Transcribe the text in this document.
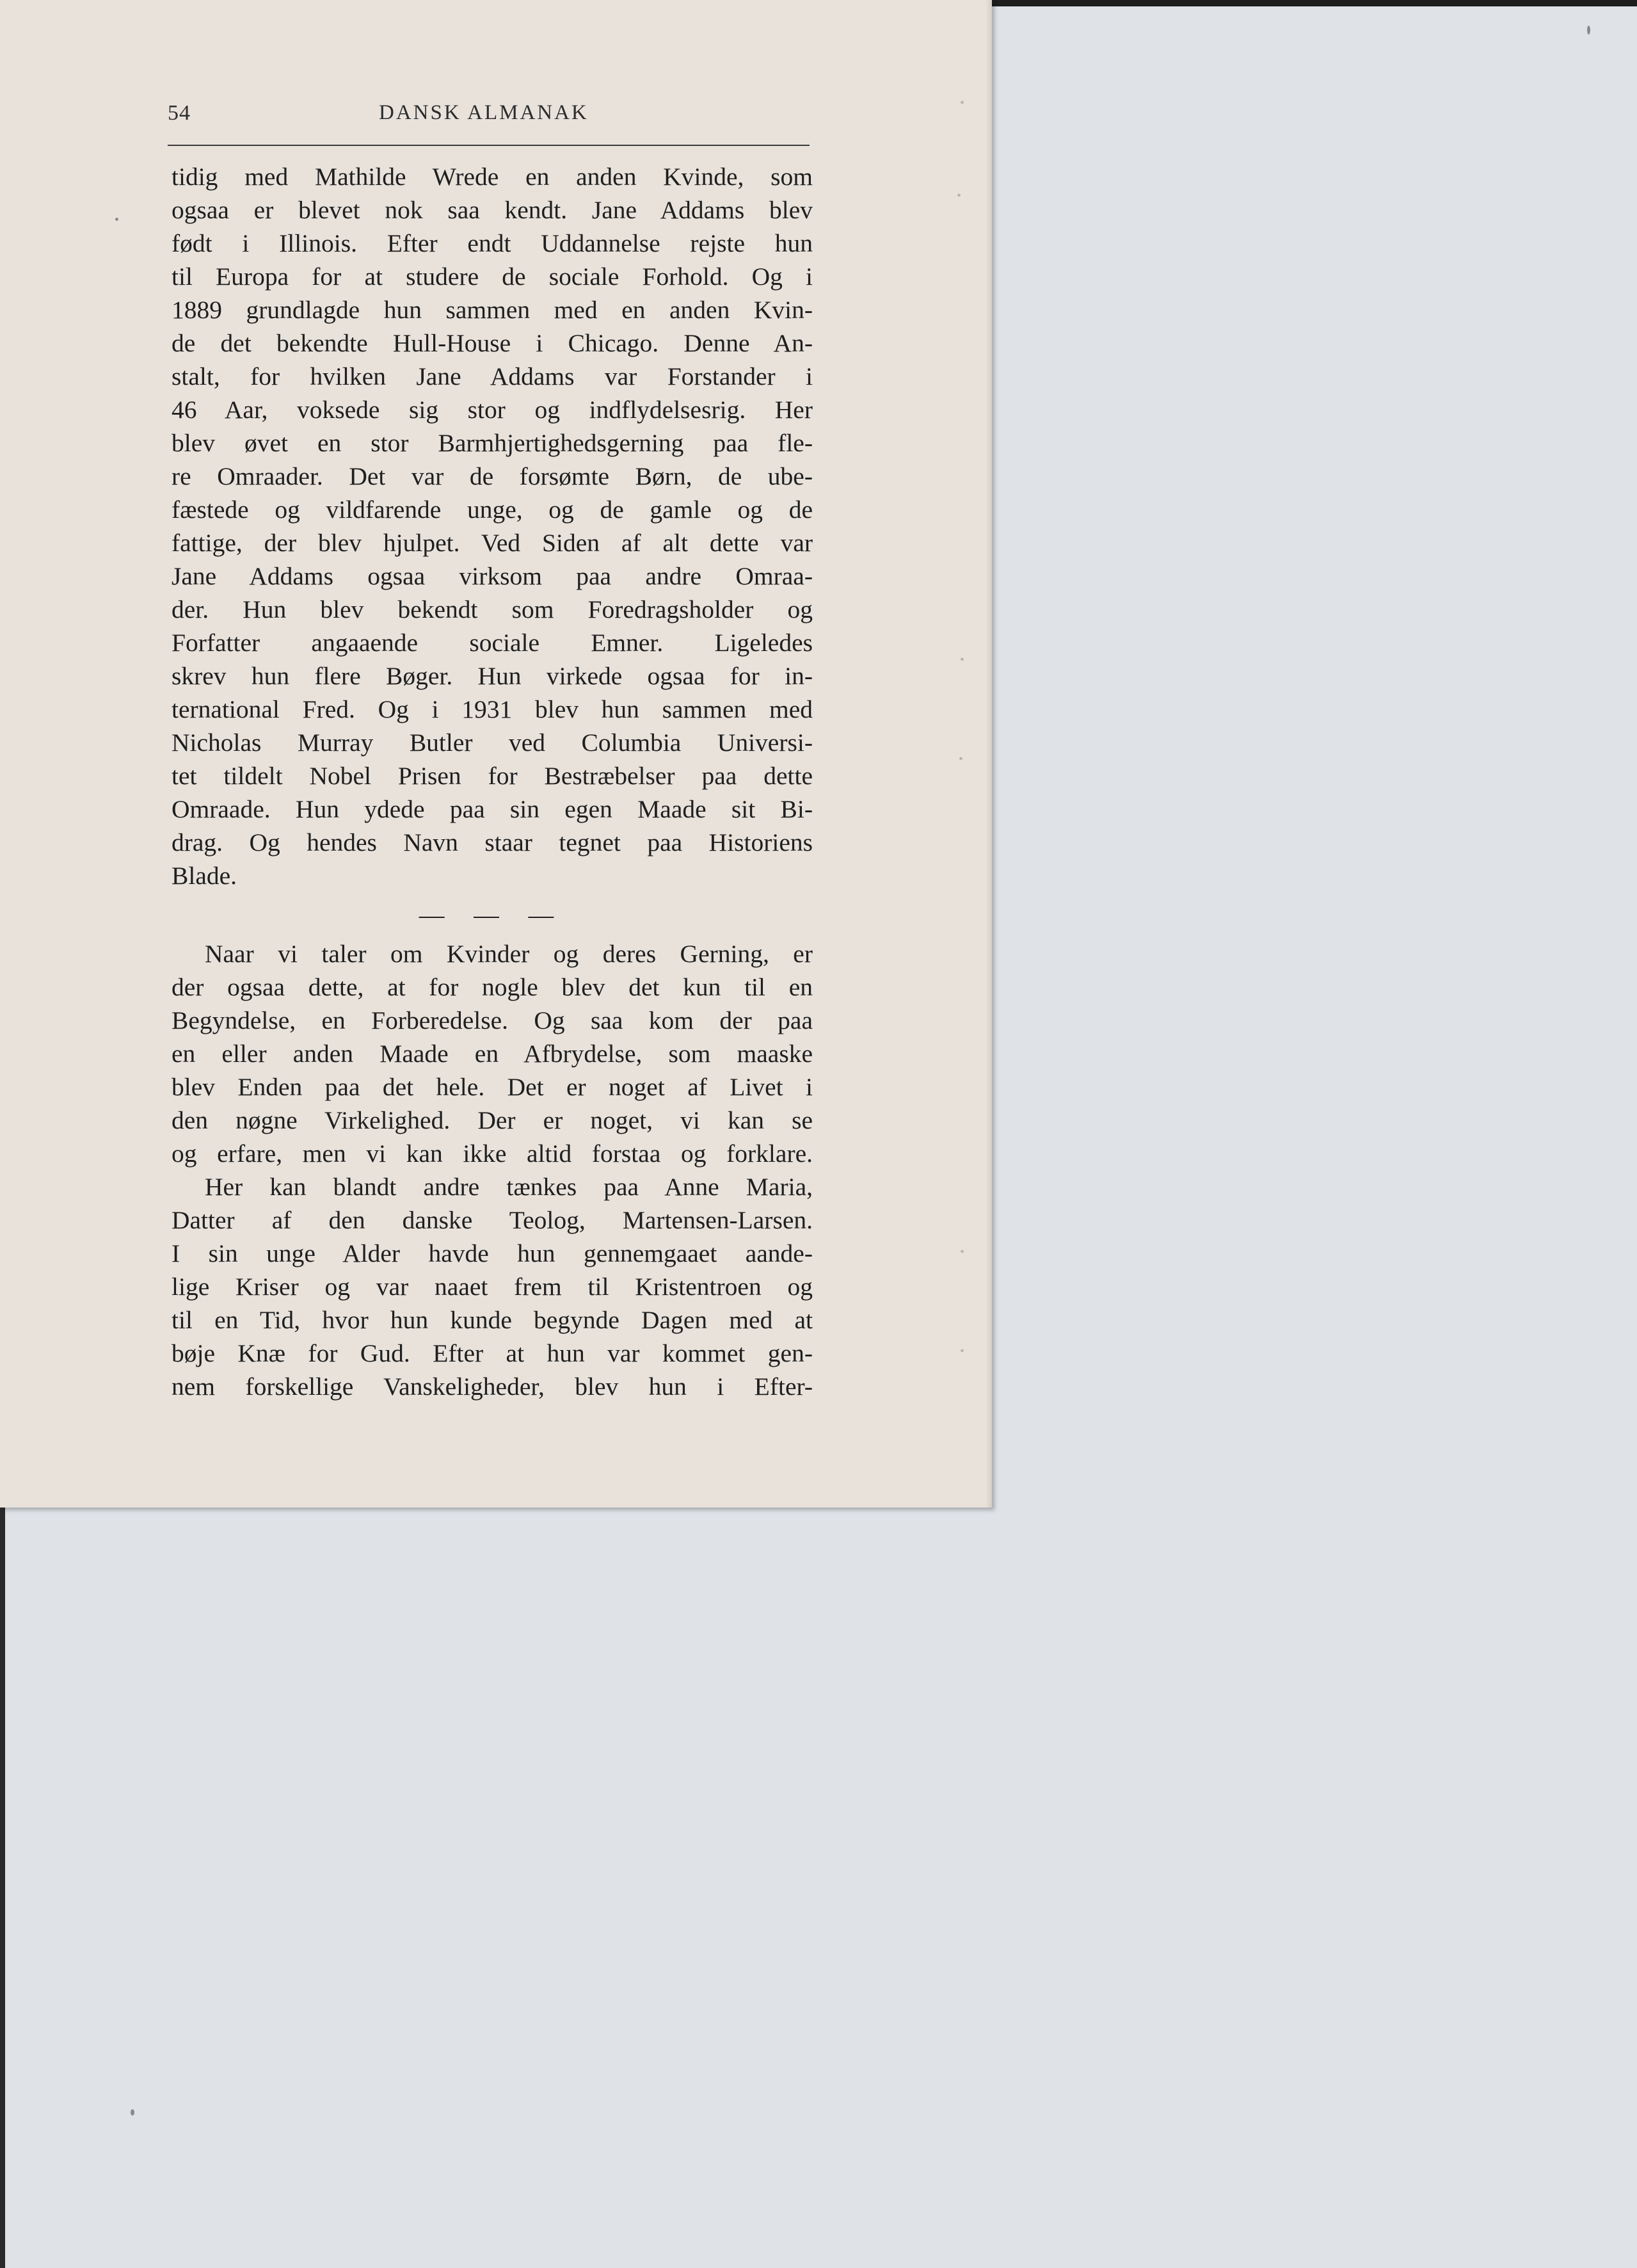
54	DANSK ALMANAK
tidig med Mathilde Wrede en anden Kvinde, som
ogsaa er blevet nok saa kendt. Jane Addams blev
født i Illinois. Efter endt Uddannelse rejste hun
til Europa for at studere de sociale Forhold. Og i
1889 grundlagde hun sammen med en anden Kvin-
de det bekendte Hull-House i Chicago. Denne An-
stalt, for hvilken Jane Addams var Forstander i
46 Aar, voksede sig stor og indflydelsesrig. Her
blev øvet en stor Barmhjertighedsgerning paa fle-
re Omraader. Det var de forsømte Børn, de ube-
fæstede og vildfarende unge, og de gamle og de
fattige, der blev hjulpet. Ved Siden af alt dette var
Jane Addams ogsaa virksom paa andre Omraa-
der. Hun blev bekendt som Foredragsholder og
Forfatter angaaende sociale Emner. Ligeledes
skrev hun flere Bøger. Hun virkede ogsaa for in-
ternational Fred. Og i 1931 blev hun sammen med
Nicholas Murray Butler ved Columbia Universi-
tet tildelt Nobel Prisen for Bestræbelser paa dette
Omraade. Hun ydede paa sin egen Maade sit Bi-
drag. Og hendes Navn staar tegnet paa Historiens
Blade.
— — —
Naar vi taler om Kvinder og deres Gerning, er
der ogsaa dette, at for nogle blev det kun til en
Begyndelse, en Forberedelse. Og saa kom der paa
en eller anden Maade en Afbrydelse, som maaske
blev Enden paa det hele. Det er noget af Livet i
den nøgne Virkelighed. Der er noget, vi kan se
og erfare, men vi kan ikke altid forstaa og forklare.
Her kan blandt andre tænkes paa Anne Maria,
Datter af den danske Teolog, Martensen-Larsen.
I sin unge Alder havde hun gennemgaaet aande-
lige Kriser og var naaet frem til Kristentroen og
til en Tid, hvor hun kunde begynde Dagen med at
bøje Knæ for Gud. Efter at hun var kommet gen-
nem forskellige Vanskeligheder, blev hun i Efter-
•
•
•
•
•
•
